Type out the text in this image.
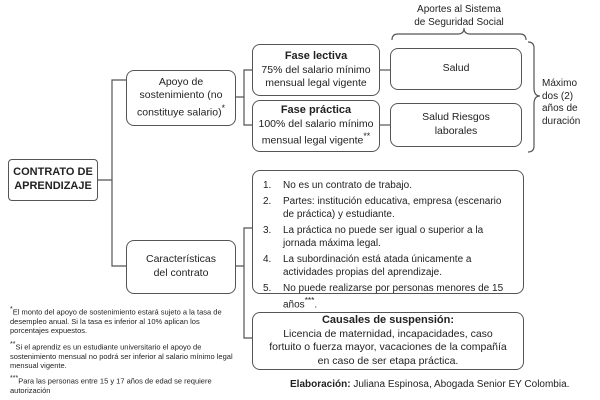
CONTRATO DE
APRENDIZAJE
Apoyo de
sostenimiento (no
constituye salario)*
Características
del contrato
Fase lectiva
75% del salario mínimo
mensual legal vigente
Fase práctica
100% del salario mínimo
mensual legal vigente**
Aportes al Sistema
de Seguridad Social
Salud
Salud Riesgos
laborales
Máximo
dos (2)
años de
duración
1.	No es un contrato de trabajo.
2.	Partes: institución educativa, empresa (escenario de práctica) y estudiante.
3.	La práctica no puede ser igual o superior a la jornada máxima legal.
4.	La subordinación está atada únicamente a actividades propias del aprendizaje.
5.	No puede realizarse por personas menores de 15 años***.
Causales de suspensión:
Licencia de maternidad, incapacidades, caso
fortuito o fuerza mayor, vacaciones de la compañía
en caso de ser etapa práctica.
*El monto del apoyo de sostenimiento estará sujeto a la tasa de desempleo anual. Si la tasa es inferior al 10% aplican los porcentajes expuestos.
**Si el aprendiz es un estudiante universitario el apoyo de sostenimiento mensual no podrá ser inferior al salario mínimo legal mensual vigente.
***Para las personas entre 15 y 17 años de edad se requiere autorización
Elaboración: Juliana Espinosa, Abogada Senior EY Colombia.
